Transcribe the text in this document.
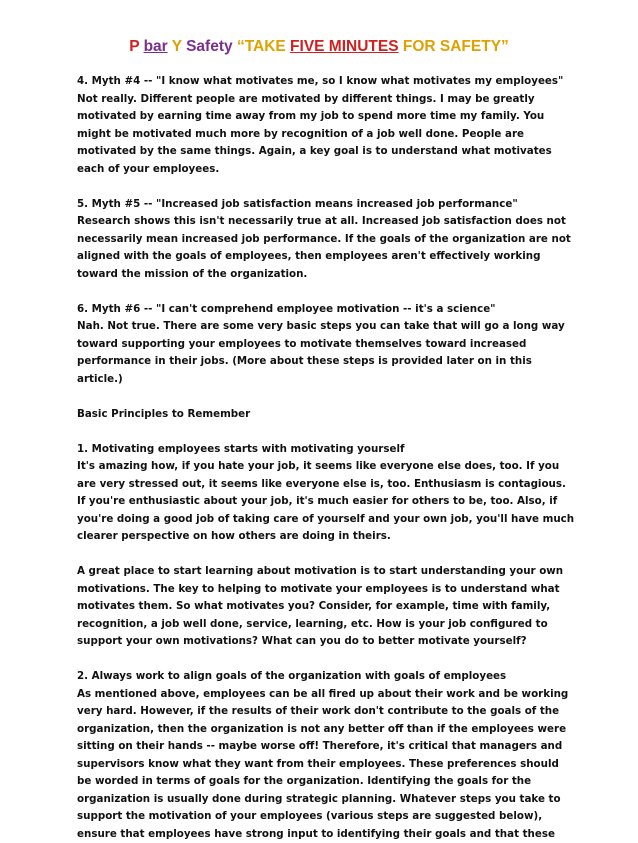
P bar Y Safety “TAKE FIVE MINUTES FOR SAFETY”
4. Myth #4 -- "I know what motivates me, so I know what motivates my employees"
Not really. Different people are motivated by different things. I may be greatly
motivated by earning time away from my job to spend more time my family. You
might be motivated much more by recognition of a job well done. People are
motivated by the same things. Again, a key goal is to understand what motivates
each of your employees.
5. Myth #5 -- "Increased job satisfaction means increased job performance"
Research shows this isn't necessarily true at all. Increased job satisfaction does not
necessarily mean increased job performance. If the goals of the organization are not
aligned with the goals of employees, then employees aren't effectively working
toward the mission of the organization.
6. Myth #6 -- "I can't comprehend employee motivation -- it's a science"
Nah. Not true. There are some very basic steps you can take that will go a long way
toward supporting your employees to motivate themselves toward increased
performance in their jobs. (More about these steps is provided later on in this
article.)
Basic Principles to Remember
1. Motivating employees starts with motivating yourself
It's amazing how, if you hate your job, it seems like everyone else does, too. If you
are very stressed out, it seems like everyone else is, too. Enthusiasm is contagious.
If you're enthusiastic about your job, it's much easier for others to be, too. Also, if
you're doing a good job of taking care of yourself and your own job, you'll have much
clearer perspective on how others are doing in theirs.
A great place to start learning about motivation is to start understanding your own
motivations. The key to helping to motivate your employees is to understand what
motivates them. So what motivates you? Consider, for example, time with family,
recognition, a job well done, service, learning, etc. How is your job configured to
support your own motivations? What can you do to better motivate yourself?
2. Always work to align goals of the organization with goals of employees
As mentioned above, employees can be all fired up about their work and be working
very hard. However, if the results of their work don't contribute to the goals of the
organization, then the organization is not any better off than if the employees were
sitting on their hands -- maybe worse off! Therefore, it's critical that managers and
supervisors know what they want from their employees. These preferences should
be worded in terms of goals for the organization. Identifying the goals for the
organization is usually done during strategic planning. Whatever steps you take to
support the motivation of your employees (various steps are suggested below),
ensure that employees have strong input to identifying their goals and that these
